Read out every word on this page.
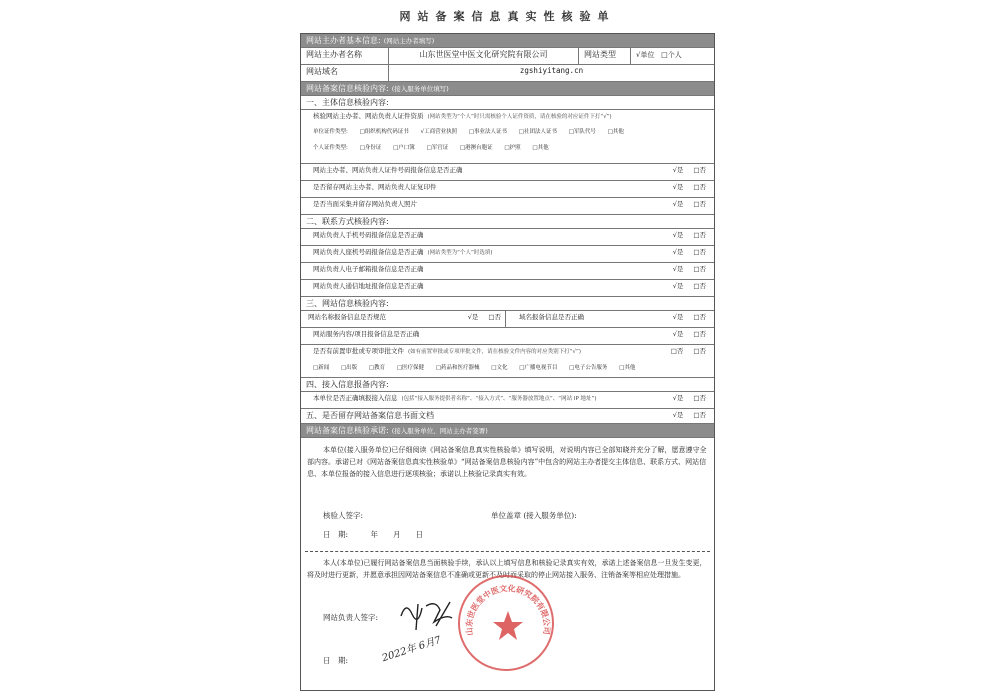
网站备案信息真实性核验单
网站主办者基本信息: (网站主办者填写)
网站主办者名称	山东世医堂中医文化研究院有限公司	网站类型	√单位 □个人
网站域名	zgshiyitang.cn
网站备案信息核验内容: (接入服务单位填写)
一、主体信息核验内容:
核验网站主办者、网站负责人证件资质 (网站类型为“个人”时只需核验个人证件资质，请在核验的对应证件下打“√”)
单位证件类型: □组织机构代码证书 √工商营业执照 □事业法人证书 □社团法人证书 □军队代号 □其他
个人证件类型: □身份证 □户口簿 □军官证 □港澳台胞证 □护照 □其他
网站主办者、网站负责人证件号码报备信息是否正确	√是 □否
是否留存网站主办者、网站负责人证复印件	√是 □否
是否当面采集并留存网站负责人照片	√是 □否
二、联系方式核验内容:
网站负责人手机号码报备信息是否正确	√是 □否
网站负责人座机号码报备信息是否正确 (网站类型为“个人”时选填)	√是 □否
网站负责人电子邮箱报备信息是否正确	√是 □否
网站负责人通信地址报备信息是否正确	√是 □否
三、网站信息核验内容:
网站名称报备信息是否规范	√是 □否	域名报备信息是否正确	√是 □否
网站服务内容/项目报备信息是否正确	√是 □否
是否有前置审批或专项审批文件 (如有前置审批或专项审批文件，请在核验文件内容的对应类别下打“√”)	□否 □否
□新闻 □出版 □教育 □医疗保健 □药品和医疗器械 □文化 □广播电视节目 □电子公告服务 □其他
四、接入信息报备内容:
本单位是否正确填报接入信息 (包括“接入服务提供者名称”、“接入方式”、“服务器放置地点”、“网站 IP 地址”)	√是 □否
五、是否留存网站备案信息书面文档	√是 □否
网站备案信息核验承诺: (接入服务单位、网站主办者签署)
本单位(接入服务单位)已仔细阅读《网站备案信息真实性核验单》填写说明，对说明内容已全部知晓并充分了解，愿意遵守全部内容。承诺已对《网站备案信息真实性核验单》“网站备案信息核验内容”中包含的网站主办者提交主体信息、联系方式、网站信息、本单位报备的接入信息进行逐项核验；承诺以上核验记录真实有效。
核验人签字:	单位盖章 (接入服务单位):
日　期:　　　年　　月　　日
本人(本单位)已履行网站备案信息当面核验手续，承认以上填写信息和核验记录真实有效，承诺上述备案信息一旦发生变更，将及时进行更新，并愿意承担因网站备案信息不准确或更新不及时而采取的停止网站接入服务、注销备案等相应处理措施。
网站负责人签字:
日　期:	2022年 6月7
山东世医堂中医文化研究院有限公司
